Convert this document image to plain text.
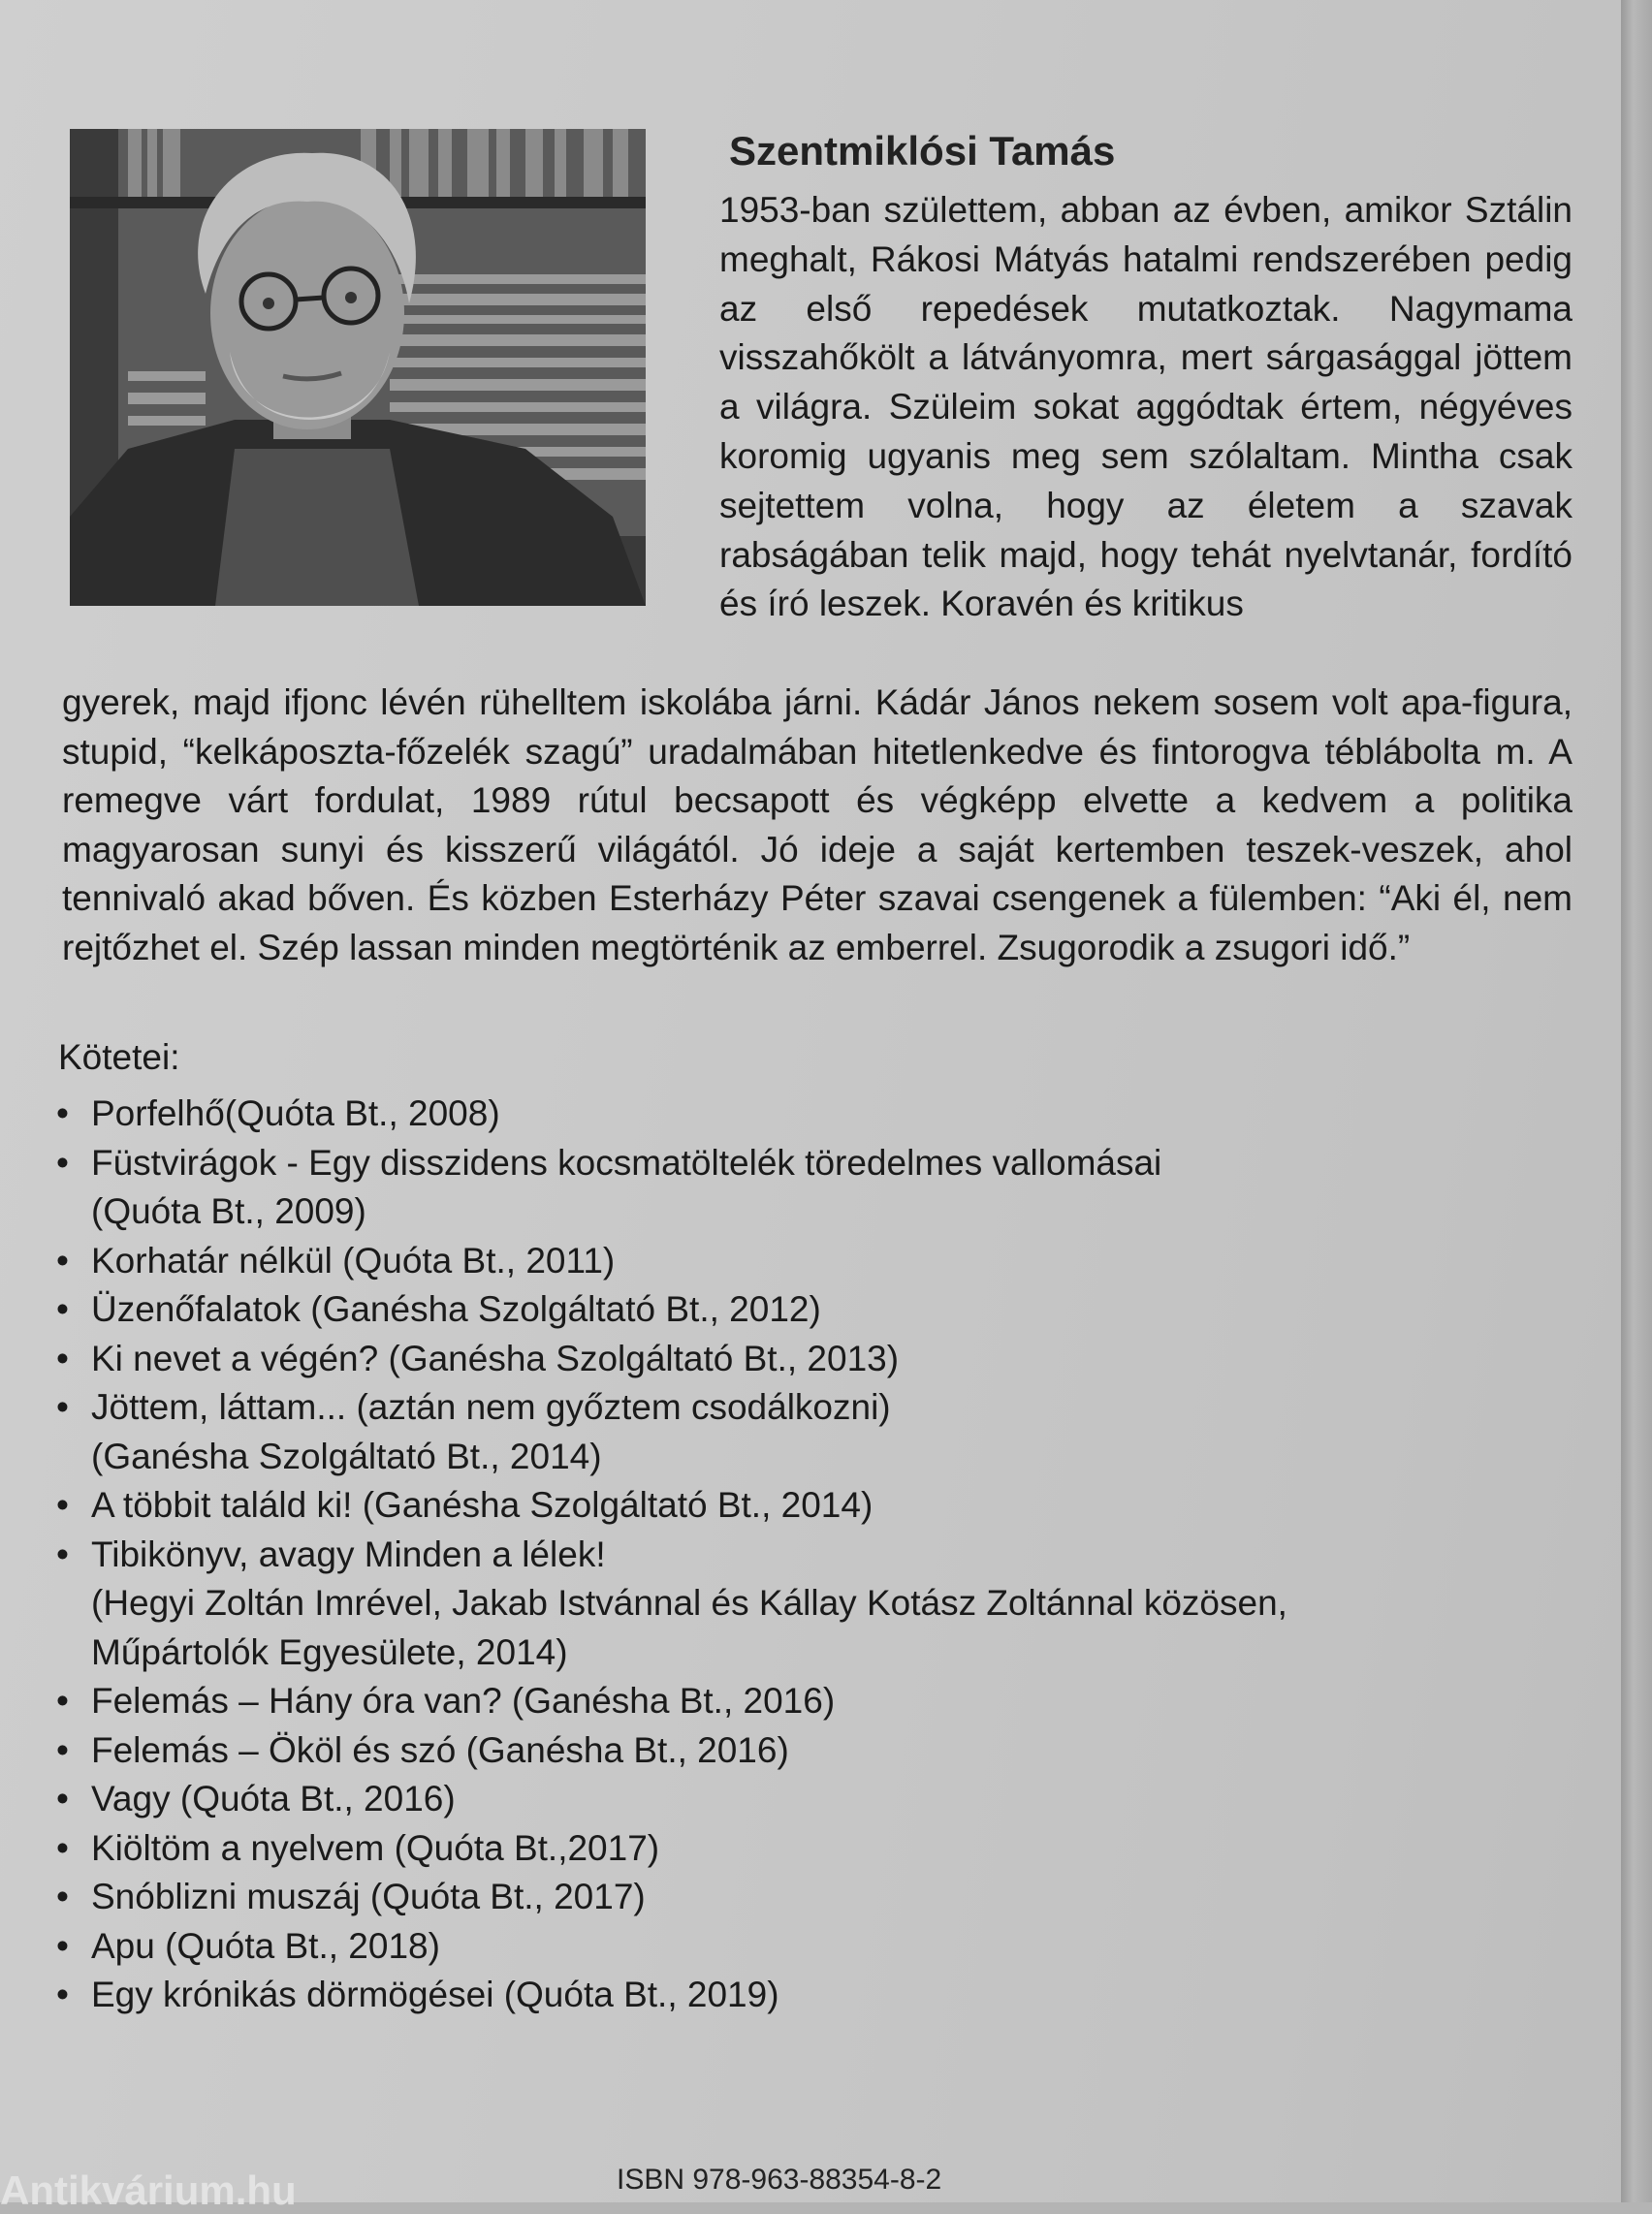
Szentmiklósi Tamás

1953-ban születtem, abban az évben, amikor Sztálin meghalt, Rákosi Mátyás hatalmi rendszerében pedig az első repedések mutatkoztak. Nagymama visszahőkölt a látványomra, mert sárgasággal jöttem a világra. Szüleim sokat aggódtak értem, négyéves koromig ugyanis meg sem szólaltam. Mintha csak sejtettem volna, hogy az életem a szavak rabságában telik majd, hogy tehát nyelvtanár, fordító és író leszek. Koravén és kritikus

gyerek, majd ifjonc lévén rühelltem iskolába járni. Kádár János nekem sosem volt apa-figura, stupid, “kelkáposzta-főzelék szagú” uradalmában hitetlenkedve és fintorogva téblábolta m. A remegve várt fordulat, 1989 rútul becsapott és végképp elvette a kedvem a politika magyarosan sunyi és kisszerű világától. Jó ideje a saját kertemben teszek-veszek, ahol tennivaló akad bőven. És közben Esterházy Péter szavai csengenek a fülemben: “Aki él, nem rejtőzhet el. Szép lassan minden megtörténik az emberrel. Zsugorodik a zsugori idő.”

Kötetei:
• Porfelhő(Quóta Bt., 2008)
• Füstvirágok - Egy disszidens kocsmatöltelék töredelmes vallomásai
(Quóta Bt., 2009)
• Korhatár nélkül (Quóta Bt., 2011)
• Üzenőfalatok (Ganésha Szolgáltató Bt., 2012)
• Ki nevet a végén? (Ganésha Szolgáltató Bt., 2013)
• Jöttem, láttam... (aztán nem győztem csodálkozni)
(Ganésha Szolgáltató Bt., 2014)
• A többit találd ki! (Ganésha Szolgáltató Bt., 2014)
• Tibikönyv, avagy Minden a lélek!
(Hegyi Zoltán Imrével, Jakab Istvánnal és Kállay Kotász Zoltánnal közösen,
Műpártolók Egyesülete, 2014)
• Felemás – Hány óra van? (Ganésha Bt., 2016)
• Felemás – Ököl és szó (Ganésha Bt., 2016)
• Vagy (Quóta Bt., 2016)
• Kiöltöm a nyelvem (Quóta Bt.,2017)
• Snóblizni muszáj (Quóta Bt., 2017)
• Apu (Quóta Bt., 2018)
• Egy krónikás dörmögései (Quóta Bt., 2019)
ISBN 978-963-88354-8-2
Antikvárium.hu
